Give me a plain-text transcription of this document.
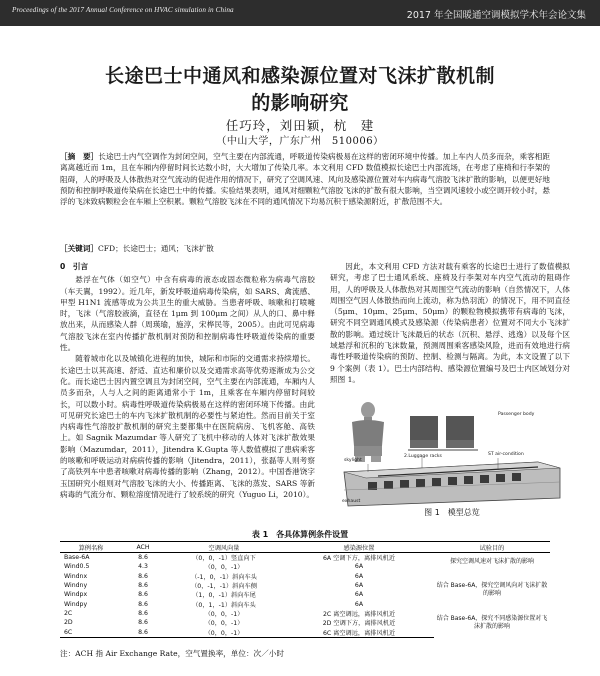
Proceedings of the 2017 Annual Conference on HVAC simulation in China	2017 年全国暖通空调模拟学术年会论文集
长途巴士中通风和感染源位置对飞沫扩散机制
的影响研究
任巧玲，刘田颖，杭　建
（中山大学，广东广州　510006）
［摘　要］长途巴士内气空调作为封闭空间，空气主要在内部流通，呼吸道传染病极易在这样的密闭环境中传播。加上车内人员多而杂，乘客相距离离越近而 1m，且在车厢内停留时间长达数小时，大大增加了传染几率。本文利用 CFD 数值模拟长途巴士内部流场，在考虑了座椅和行李架的阻碍，人的呼吸及人体散热对空气流动的促进作用的情况下，研究了空调风速、风向及感染源位置对车内病毒气溶胶飞沫扩散的影响，以便更好地预防和控制呼吸道传染病在长途巴士中的传播。实验结果表明，通风对细颗粒气溶胶飞沫的扩散有很大影响，当空调风速较小或空调开较小时，悬浮的飞沫致病颗粒会在车厢上空积累。颗粒气溶胶飞沫在不同的通风情况下均易沉积于感染源附近，扩散范围不大。
［关键词］CFD；长途巴士；通风；飞沫扩散
0　引言

悬浮在气体（如空气）中含有病毒的液态或固态微粒称为病毒气溶胶（车天翼，1992）。近几年，新发呼吸道病毒传染病，如 SARS、禽流感、甲型 H1N1 流感等成为公共卫生的重大威胁。当患者呼吸、咳嗽和打喷嚏时，飞沫（气溶胶液滴，直径在 1μm 到 100μm 之间）从人的口、鼻中释放出来，从而感染人群（周瑛瑜，施淳，宋桦民等，2005）。由此可见病毒气溶胶飞沫在室内传播扩散机制对预防和控制病毒性呼吸道传染病的重要性。

随着城市化以及城镇化进程的加快，城际和市际的交通需求持续增长。长途巴士以其高速、舒适、直达和廉价以及交通需求高等优势逐渐成为公交化。而长途巴士因内置空调且为封闭空间，空气主要在内部流通，车厢内人员多而杂，人与人之间的距离通常小于 1m，且乘客在车厢内停留时间较长，可以数小时。病毒性呼吸道传染病极易在这样的密闭环境下传播。由此可见研究长途巴士的车内飞沫扩散机制的必要性与紧迫性。然而目前关于室内病毒性气溶胶扩散机制的研究主要都集中在医院病房、飞机客舱、高铁上。如 Sagnik Mazumdar 等人研究了飞机中移动的人体对飞沫扩散效果影响（Mazumdar，2011），Jitendra K.Gupta 等人数值模拟了患病乘客的咳嗽和呼吸运动对病病传播的影响（Jitendra，2011），张磊等人则考察了高铁列车中患者咳嗽对病毒传播的影响（Zhang，2012）。中国香港饶字玉国研究小组则对气溶胶飞沫的大小、传播距离、飞沫的蒸发、SARS 等新病毒的气流分布、颗粒溶度情况进行了较系统的研究（Yuguo Li，2010）。

因此，本文利用 CFD 方法对载有乘客的长途巴士进行了数值模拟研究，考虑了巴士通风系统、座椅及行李架对车内空气流动的阻碍作用，人的呼吸及人体散热对其周围空气流动的影响（自然情况下，人体周围空气因人体散热而向上流动，称为热羽流）的情况下，用不同直径（5μm、10μm、25μm、50μm）的颗粒物模拟携带有病毒的飞沫，研究不同空调通风模式及感染源（传染病患者）位置对不同大小飞沫扩散的影响。通过统计飞沫最后的状态（沉积、悬浮、逃逸）以及每个区域悬浮和沉积的飞沫数量，预测周围乘客感染风险，进而有效地进行病毒性呼吸道传染病的预防、控制、检测与隔离。为此，本文设置了以下 9 个案例（表 1）。巴士内部结构、感染源位置编号及巴士内区域划分对照图 1。

skylight
2.Luggage racks	ST air-condition
exhaust
Passenger body
图 1　模型总览
表 1　各具体算例条件设置
算例名称	ACH	空调风向量	感染源位置	试验目的
Base-6A	8.6	（0，0，-1）竖直向下	6A 空调下方，离排风机近	探究空调风速对飞沫扩散的影响
Wind0.5	4.3	（0，0，-1）	6A	
Windnx	8.6	（-1，0，-1）斜向车头	6A	结合 Base-6A，探究空调风向对飞沫扩散的影响
Windny	8.6	（0，-1，-1）斜向车侧	6A	
Windpx	8.6	（1，0，-1）斜向车尾	6A	
Windpy	8.6	（0，1，-1）斜向车头	6A	
2C	8.6	（0，0，-1）	2C 离空调远，离排风机近	结合 Base-6A，探究不同感染源位置对飞沫扩散的影响
2D	8.6	（0，0，-1）	2D 空调下方，离排风机近	
6C	8.6	（0，0，-1）	6C 离空调远，离排风机近	
注：ACH 指 Air Exchange Rate，空气置换率，单位：次／小时
